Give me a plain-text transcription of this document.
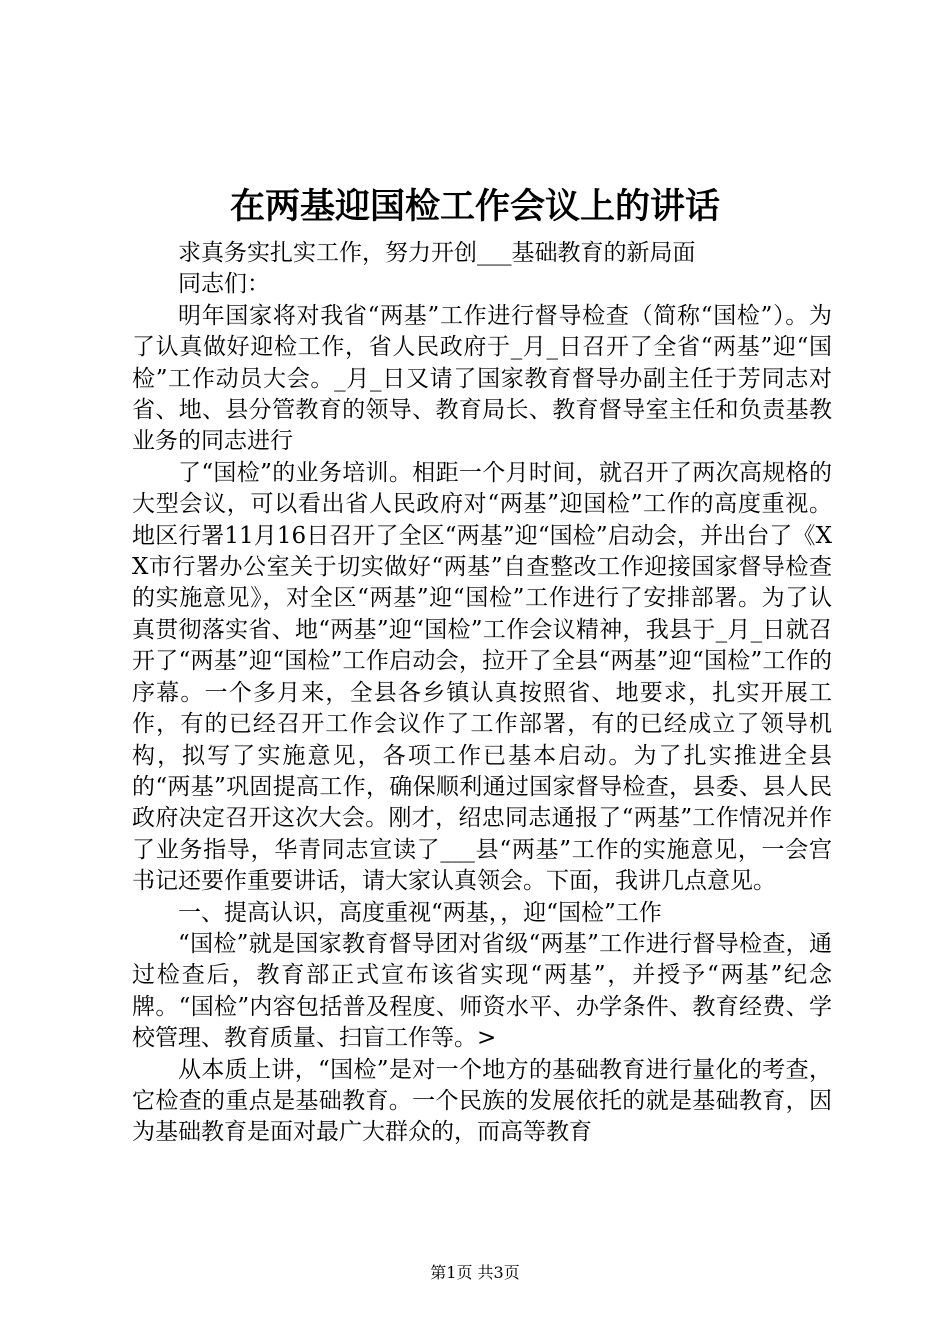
在两基迎国检工作会议上的讲话

求真务实扎实工作，努力开创___基础教育的新局面

同志们：

明年国家将对我省“两基”工作进行督导检查（简称“国检”）。为了认真做好迎检工作，省人民政府于_月_日召开了全省“两基”迎“国检”工作动员大会。_月_日又请了国家教育督导办副主任于芳同志对省、地、县分管教育的领导、教育局长、教育督导室主任和负责基教业务的同志进行

了“国检”的业务培训。相距一个月时间，就召开了两次高规格的大型会议，可以看出省人民政府对“两基”迎国检”工作的高度重视。地区行署11月16日召开了全区“两基”迎“国检”启动会，并出台了《XX市行署办公室关于切实做好“两基”自查整改工作迎接国家督导检查的实施意见》，对全区“两基”迎“国检”工作进行了安排部署。为了认真贯彻落实省、地“两基”迎“国检”工作会议精神，我县于_月_日就召开了“两基”迎“国检”工作启动会，拉开了全县“两基”迎“国检”工作的序幕。一个多月来，全县各乡镇认真按照省、地要求，扎实开展工作，有的已经召开工作会议作了工作部署，有的已经成立了领导机构，拟写了实施意见，各项工作已基本启动。为了扎实推进全县的“两基”巩固提高工作，确保顺利通过国家督导检查，县委、县人民政府决定召开这次大会。刚才，绍忠同志通报了“两基”工作情况并作了业务指导，华青同志宣读了___县“两基”工作的实施意见，一会宫书记还要作重要讲话，请大家认真领会。下面，我讲几点意见。

一、提高认识，高度重视“两基，，迎“国检”工作

“国检”就是国家教育督导团对省级“两基”工作进行督导检查，通过检查后，教育部正式宣布该省实现“两基”，并授予“两基”纪念牌。“国检”内容包括普及程度、师资水平、办学条件、教育经费、学校管理、教育质量、扫盲工作等。>

从本质上讲，“国检”是对一个地方的基础教育进行量化的考查，它检查的重点是基础教育。一个民族的发展依托的就是基础教育，因为基础教育是面对最广大群众的，而高等教育

第1页 共3页
